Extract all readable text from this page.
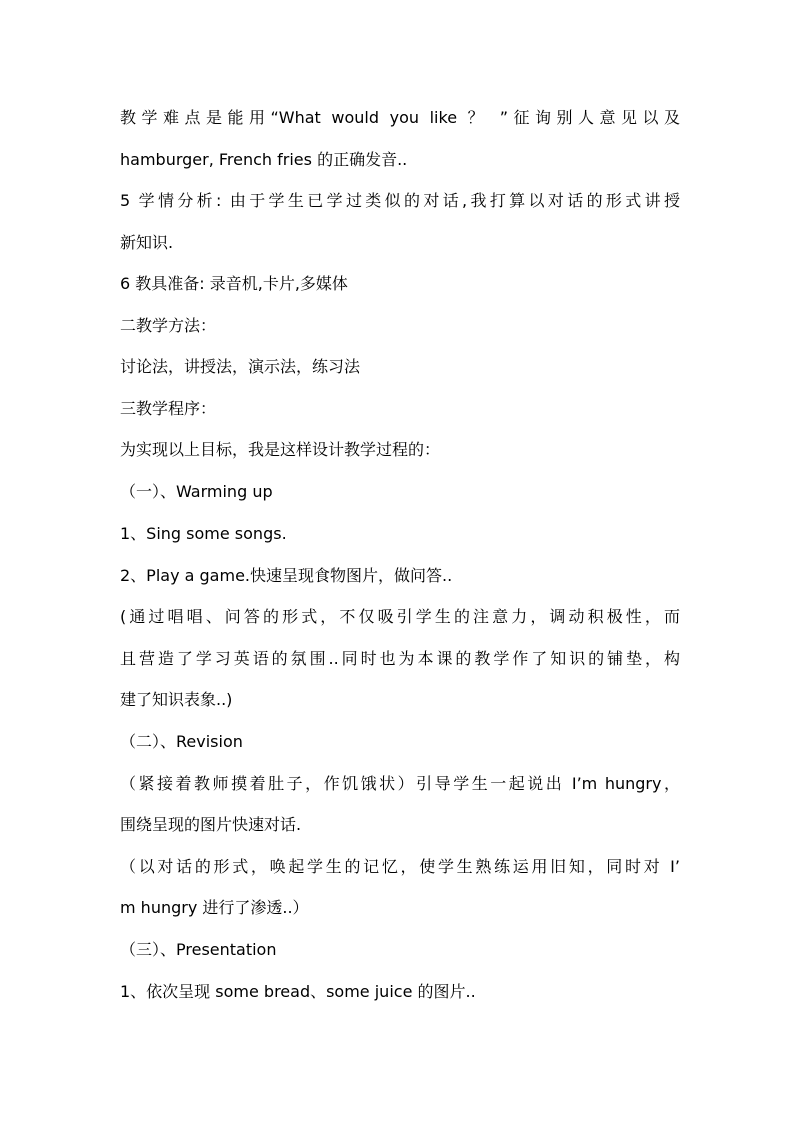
教学难点是能用“What would you like ？ ”征询别人意见以及
hamburger, French fries 的正确发音..
5 学情分析: 由于学生已学过类似的对话,我打算以对话的形式讲授
新知识.
6 教具准备: 录音机,卡片,多媒体
二教学方法：
讨论法，讲授法，演示法，练习法
三教学程序：
为实现以上目标，我是这样设计教学过程的：
（一）、Warming up
1、Sing some songs.
2、Play a game.快速呈现食物图片，做问答..
(通过唱唱、问答的形式，不仅吸引学生的注意力，调动积极性，而
且营造了学习英语的氛围..同时也为本课的教学作了知识的铺垫，构
建了知识表象..)
（二）、Revision
（紧接着教师摸着肚子，作饥饿状）引导学生一起说出 I’m hungry，
围绕呈现的图片快速对话.
（以对话的形式，唤起学生的记忆，使学生熟练运用旧知，同时对 I’
m hungry 进行了渗透..）
（三）、Presentation
1、依次呈现 some bread、some juice 的图片..
